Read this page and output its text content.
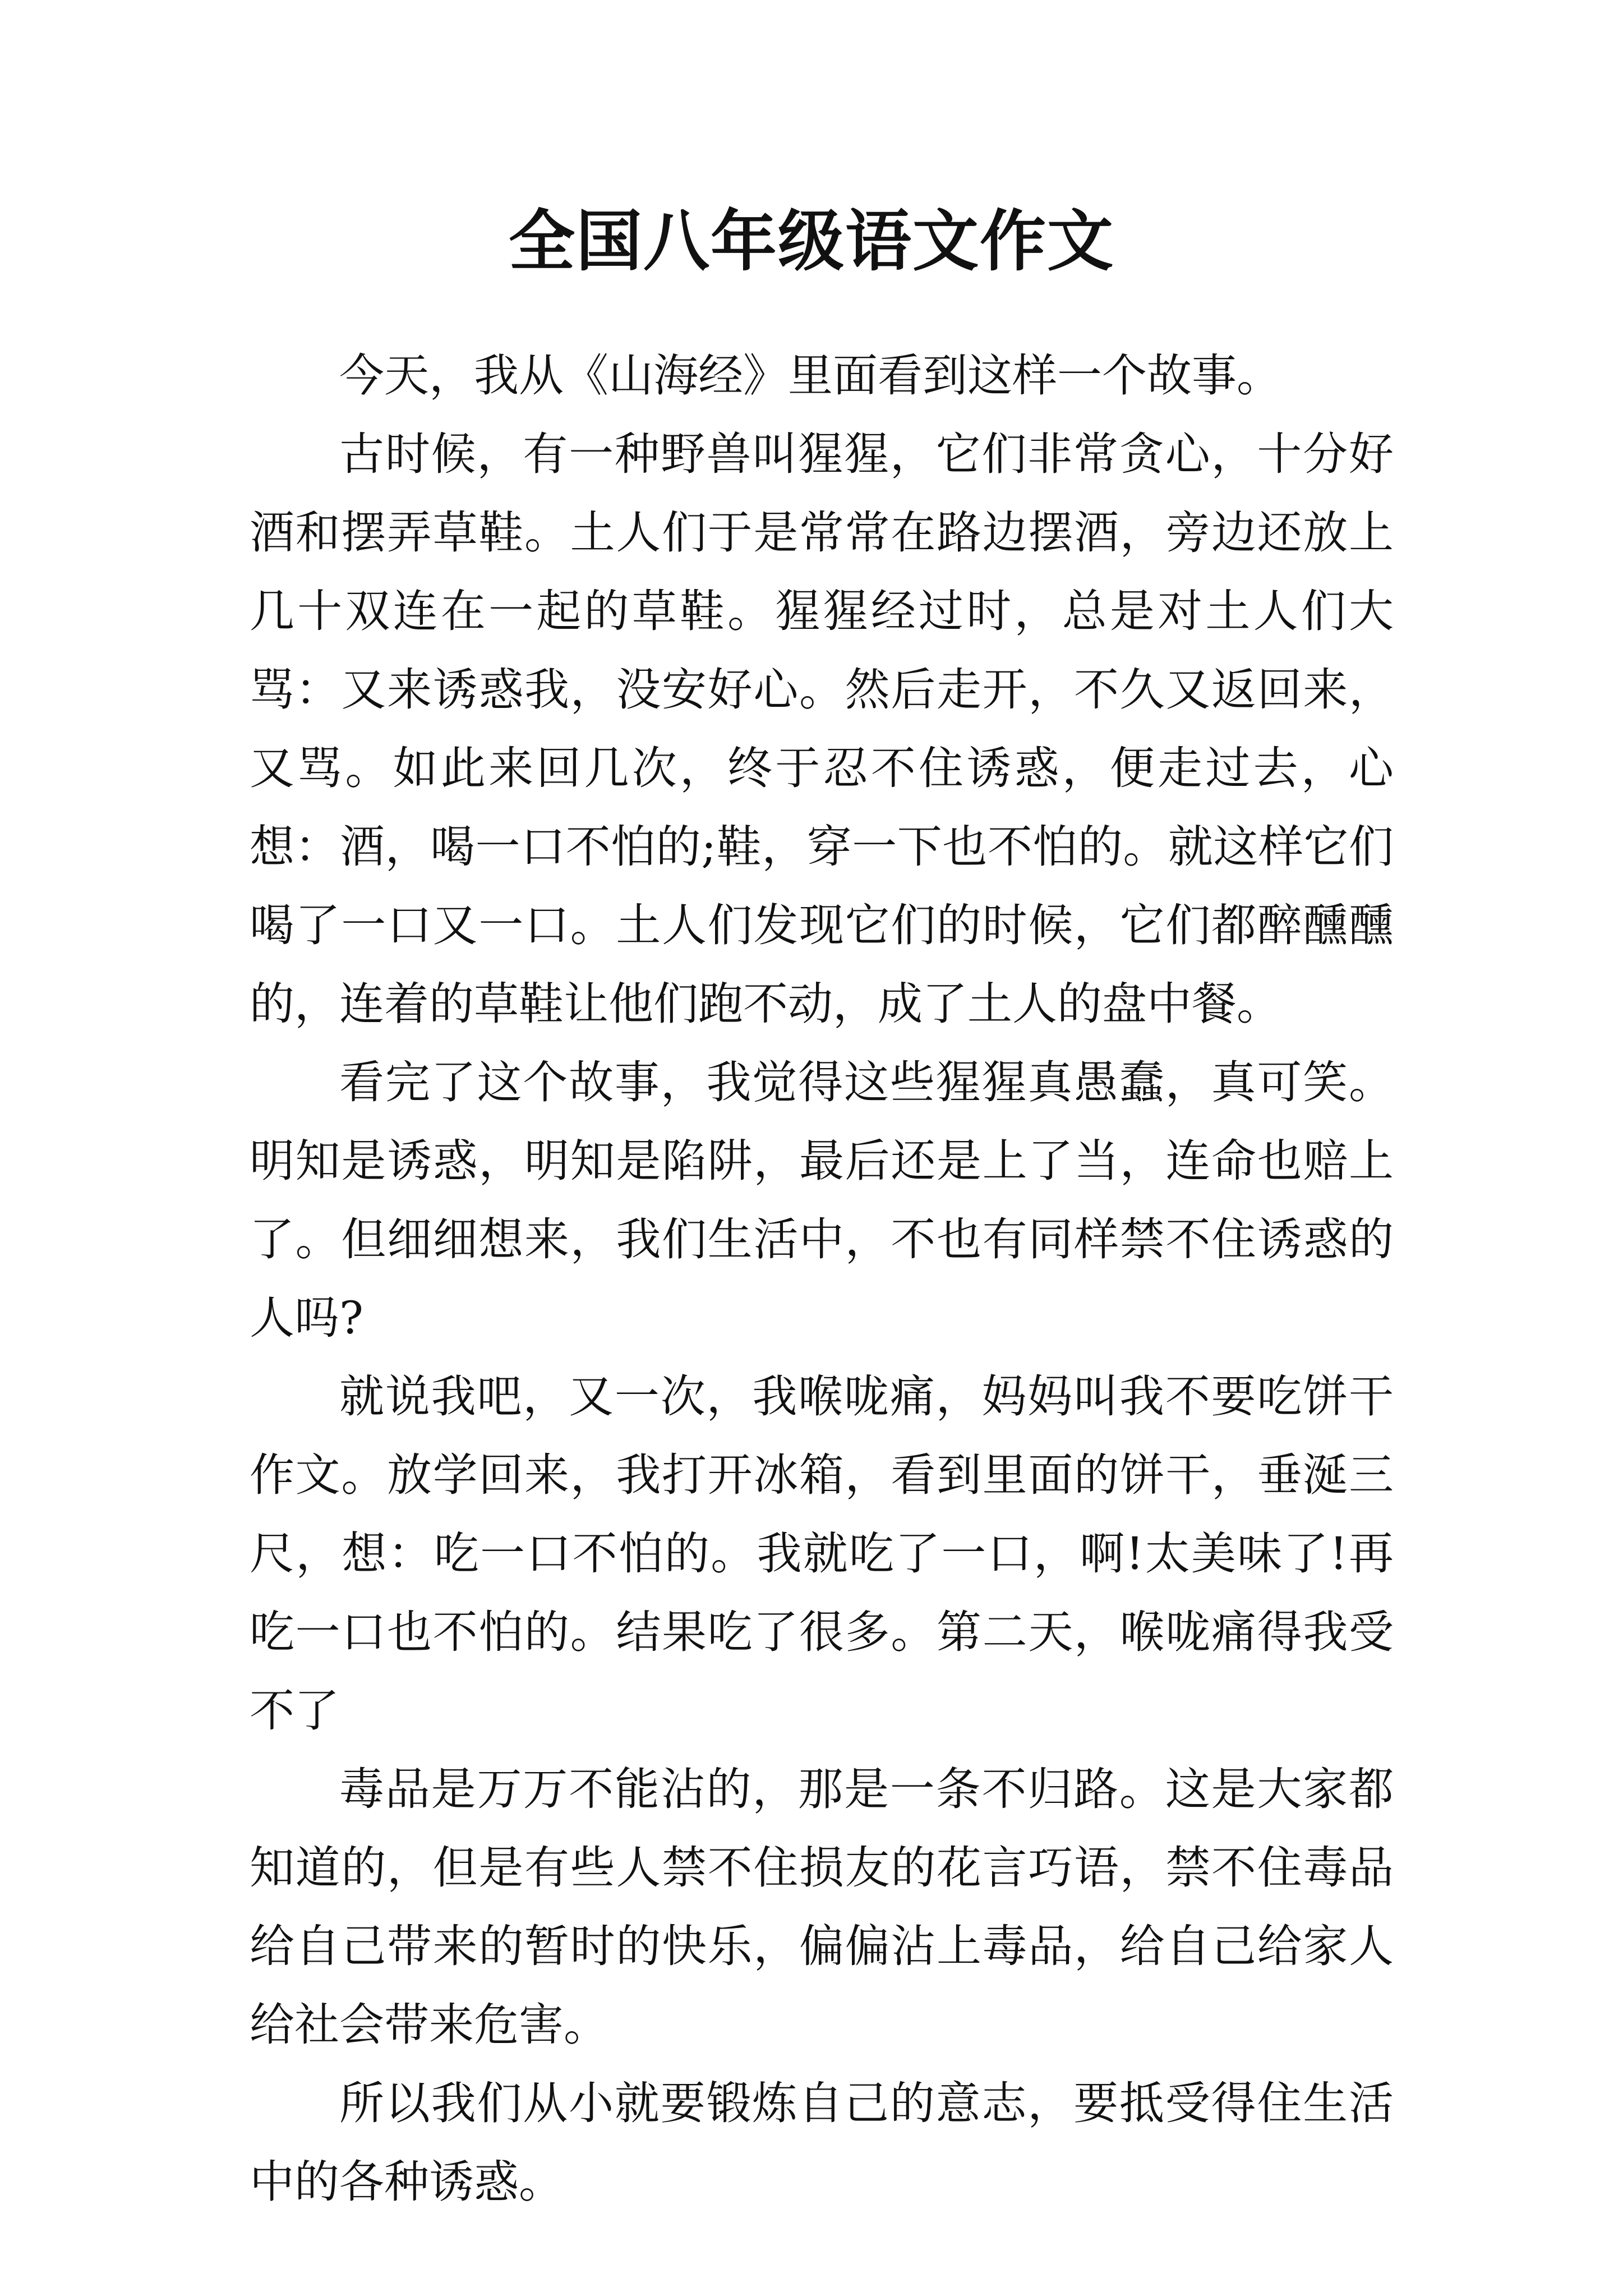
全国八年级语文作文

今天，我从《山海经》里面看到这样一个故事。

古时候，有一种野兽叫猩猩，它们非常贪心，十分好酒和摆弄草鞋。土人们于是常常在路边摆酒，旁边还放上几十双连在一起的草鞋。猩猩经过时，总是对土人们大骂：又来诱惑我，没安好心。然后走开，不久又返回来，又骂。如此来回几次，终于忍不住诱惑，便走过去，心想：酒，喝一口不怕的;鞋，穿一下也不怕的。就这样它们喝了一口又一口。土人们发现它们的时候，它们都醉醺醺的，连着的草鞋让他们跑不动，成了土人的盘中餐。

看完了这个故事，我觉得这些猩猩真愚蠢，真可笑。明知是诱惑，明知是陷阱，最后还是上了当，连命也赔上了。但细细想来，我们生活中，不也有同样禁不住诱惑的人吗?

就说我吧，又一次，我喉咙痛，妈妈叫我不要吃饼干作文。放学回来，我打开冰箱，看到里面的饼干，垂涎三尺，想：吃一口不怕的。我就吃了一口，啊!太美味了!再吃一口也不怕的。结果吃了很多。第二天，喉咙痛得我受不了

毒品是万万不能沾的，那是一条不归路。这是大家都知道的，但是有些人禁不住损友的花言巧语，禁不住毒品给自己带来的暂时的快乐，偏偏沾上毒品，给自己给家人给社会带来危害。

所以我们从小就要锻炼自己的意志，要抵受得住生活中的各种诱惑。
